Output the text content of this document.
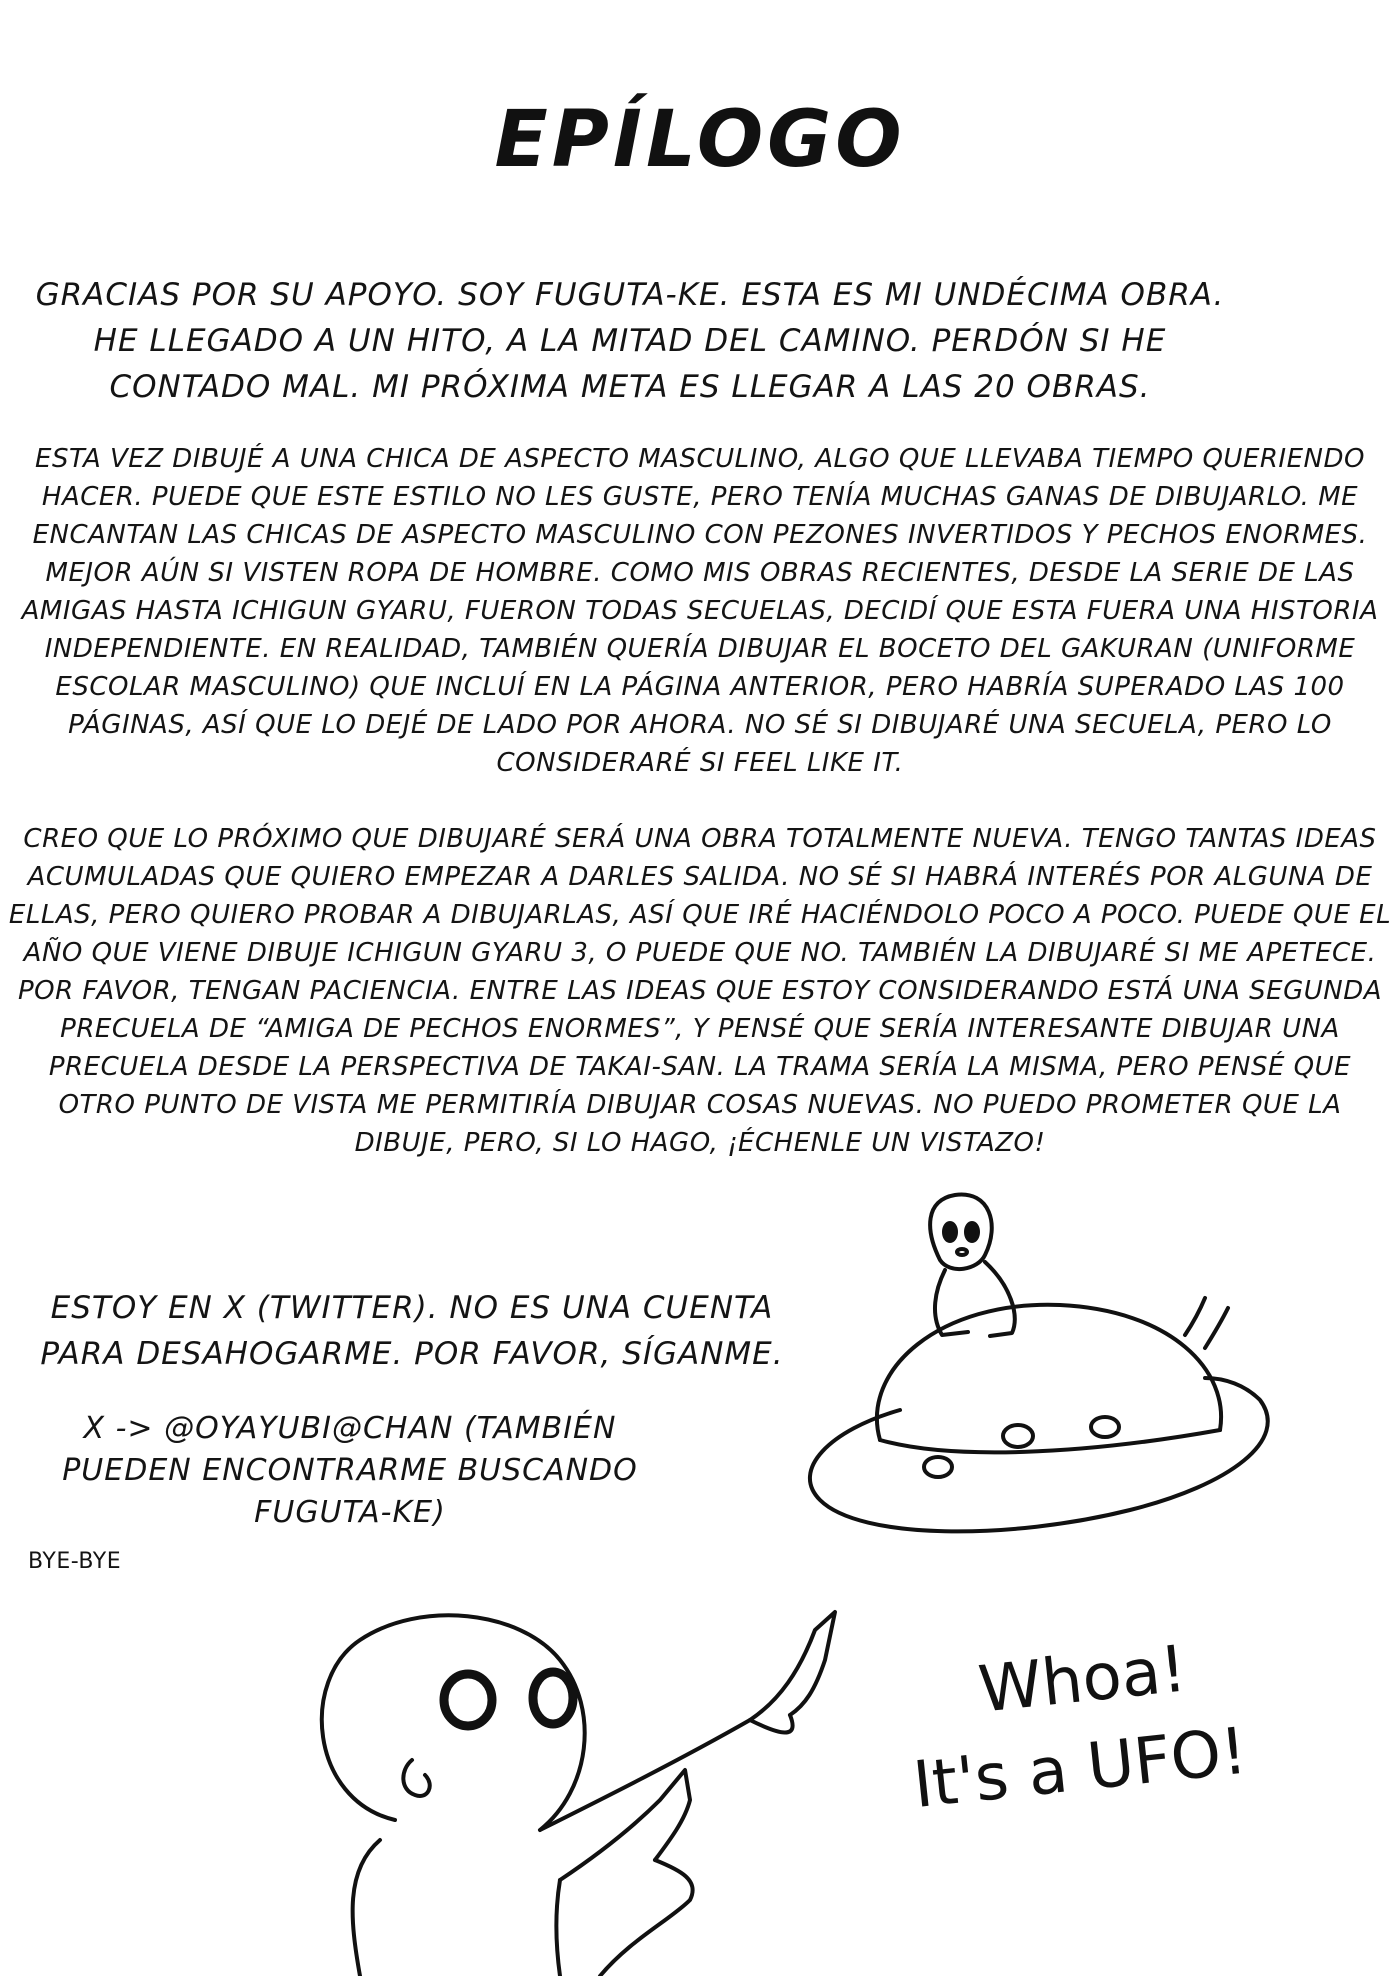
EPÍLOGO
GRACIAS POR SU APOYO. SOY FUGUTA-KE. ESTA ES MI UNDÉCIMA OBRA. HE LLEGADO A UN HITO, A LA MITAD DEL CAMINO. PERDÓN SI HE CONTADO MAL. MI PRÓXIMA META ES LLEGAR A LAS 20 OBRAS.
ESTA VEZ DIBUJÉ A UNA CHICA DE ASPECTO MASCULINO, ALGO QUE LLEVABA TIEMPO QUERIENDO HACER. PUEDE QUE ESTE ESTILO NO LES GUSTE, PERO TENÍA MUCHAS GANAS DE DIBUJARLO. ME ENCANTAN LAS CHICAS DE ASPECTO MASCULINO CON PEZONES INVERTIDOS Y PECHOS ENORMES. MEJOR AÚN SI VISTEN ROPA DE HOMBRE. COMO MIS OBRAS RECIENTES, DESDE LA SERIE DE LAS AMIGAS HASTA ICHIGUN GYARU, FUERON TODAS SECUELAS, DECIDÍ QUE ESTA FUERA UNA HISTORIA INDEPENDIENTE. EN REALIDAD, TAMBIÉN QUERÍA DIBUJAR EL BOCETO DEL GAKURAN (UNIFORME ESCOLAR MASCULINO) QUE INCLUÍ EN LA PÁGINA ANTERIOR, PERO HABRÍA SUPERADO LAS 100 PÁGINAS, ASÍ QUE LO DEJÉ DE LADO POR AHORA. NO SÉ SI DIBUJARÉ UNA SECUELA, PERO LO CONSIDERARÉ SI FEEL LIKE IT.
CREO QUE LO PRÓXIMO QUE DIBUJARÉ SERÁ UNA OBRA TOTALMENTE NUEVA. TENGO TANTAS IDEAS ACUMULADAS QUE QUIERO EMPEZAR A DARLES SALIDA. NO SÉ SI HABRÁ INTERÉS POR ALGUNA DE ELLAS, PERO QUIERO PROBAR A DIBUJARLAS, ASÍ QUE IRÉ HACIÉNDOLO POCO A POCO. PUEDE QUE EL AÑO QUE VIENE DIBUJE ICHIGUN GYARU 3, O PUEDE QUE NO. TAMBIÉN LA DIBUJARÉ SI ME APETECE. POR FAVOR, TENGAN PACIENCIA. ENTRE LAS IDEAS QUE ESTOY CONSIDERANDO ESTÁ UNA SEGUNDA PRECUELA DE “AMIGA DE PECHOS ENORMES”, Y PENSÉ QUE SERÍA INTERESANTE DIBUJAR UNA PRECUELA DESDE LA PERSPECTIVA DE TAKAI-SAN. LA TRAMA SERÍA LA MISMA, PERO PENSÉ QUE OTRO PUNTO DE VISTA ME PERMITIRÍA DIBUJAR COSAS NUEVAS. NO PUEDO PROMETER QUE LA DIBUJE, PERO, SI LO HAGO, ¡ÉCHENLE UN VISTAZO!
ESTOY EN X (TWITTER). NO ES UNA CUENTA PARA DESAHOGARME. POR FAVOR, SÍGANME.
X -> @OYAYUBI@CHAN (TAMBIÉN PUEDEN ENCONTRARME BUSCANDO FUGUTA-KE)
BYE-BYE
Whoa!
It's a UFO!
